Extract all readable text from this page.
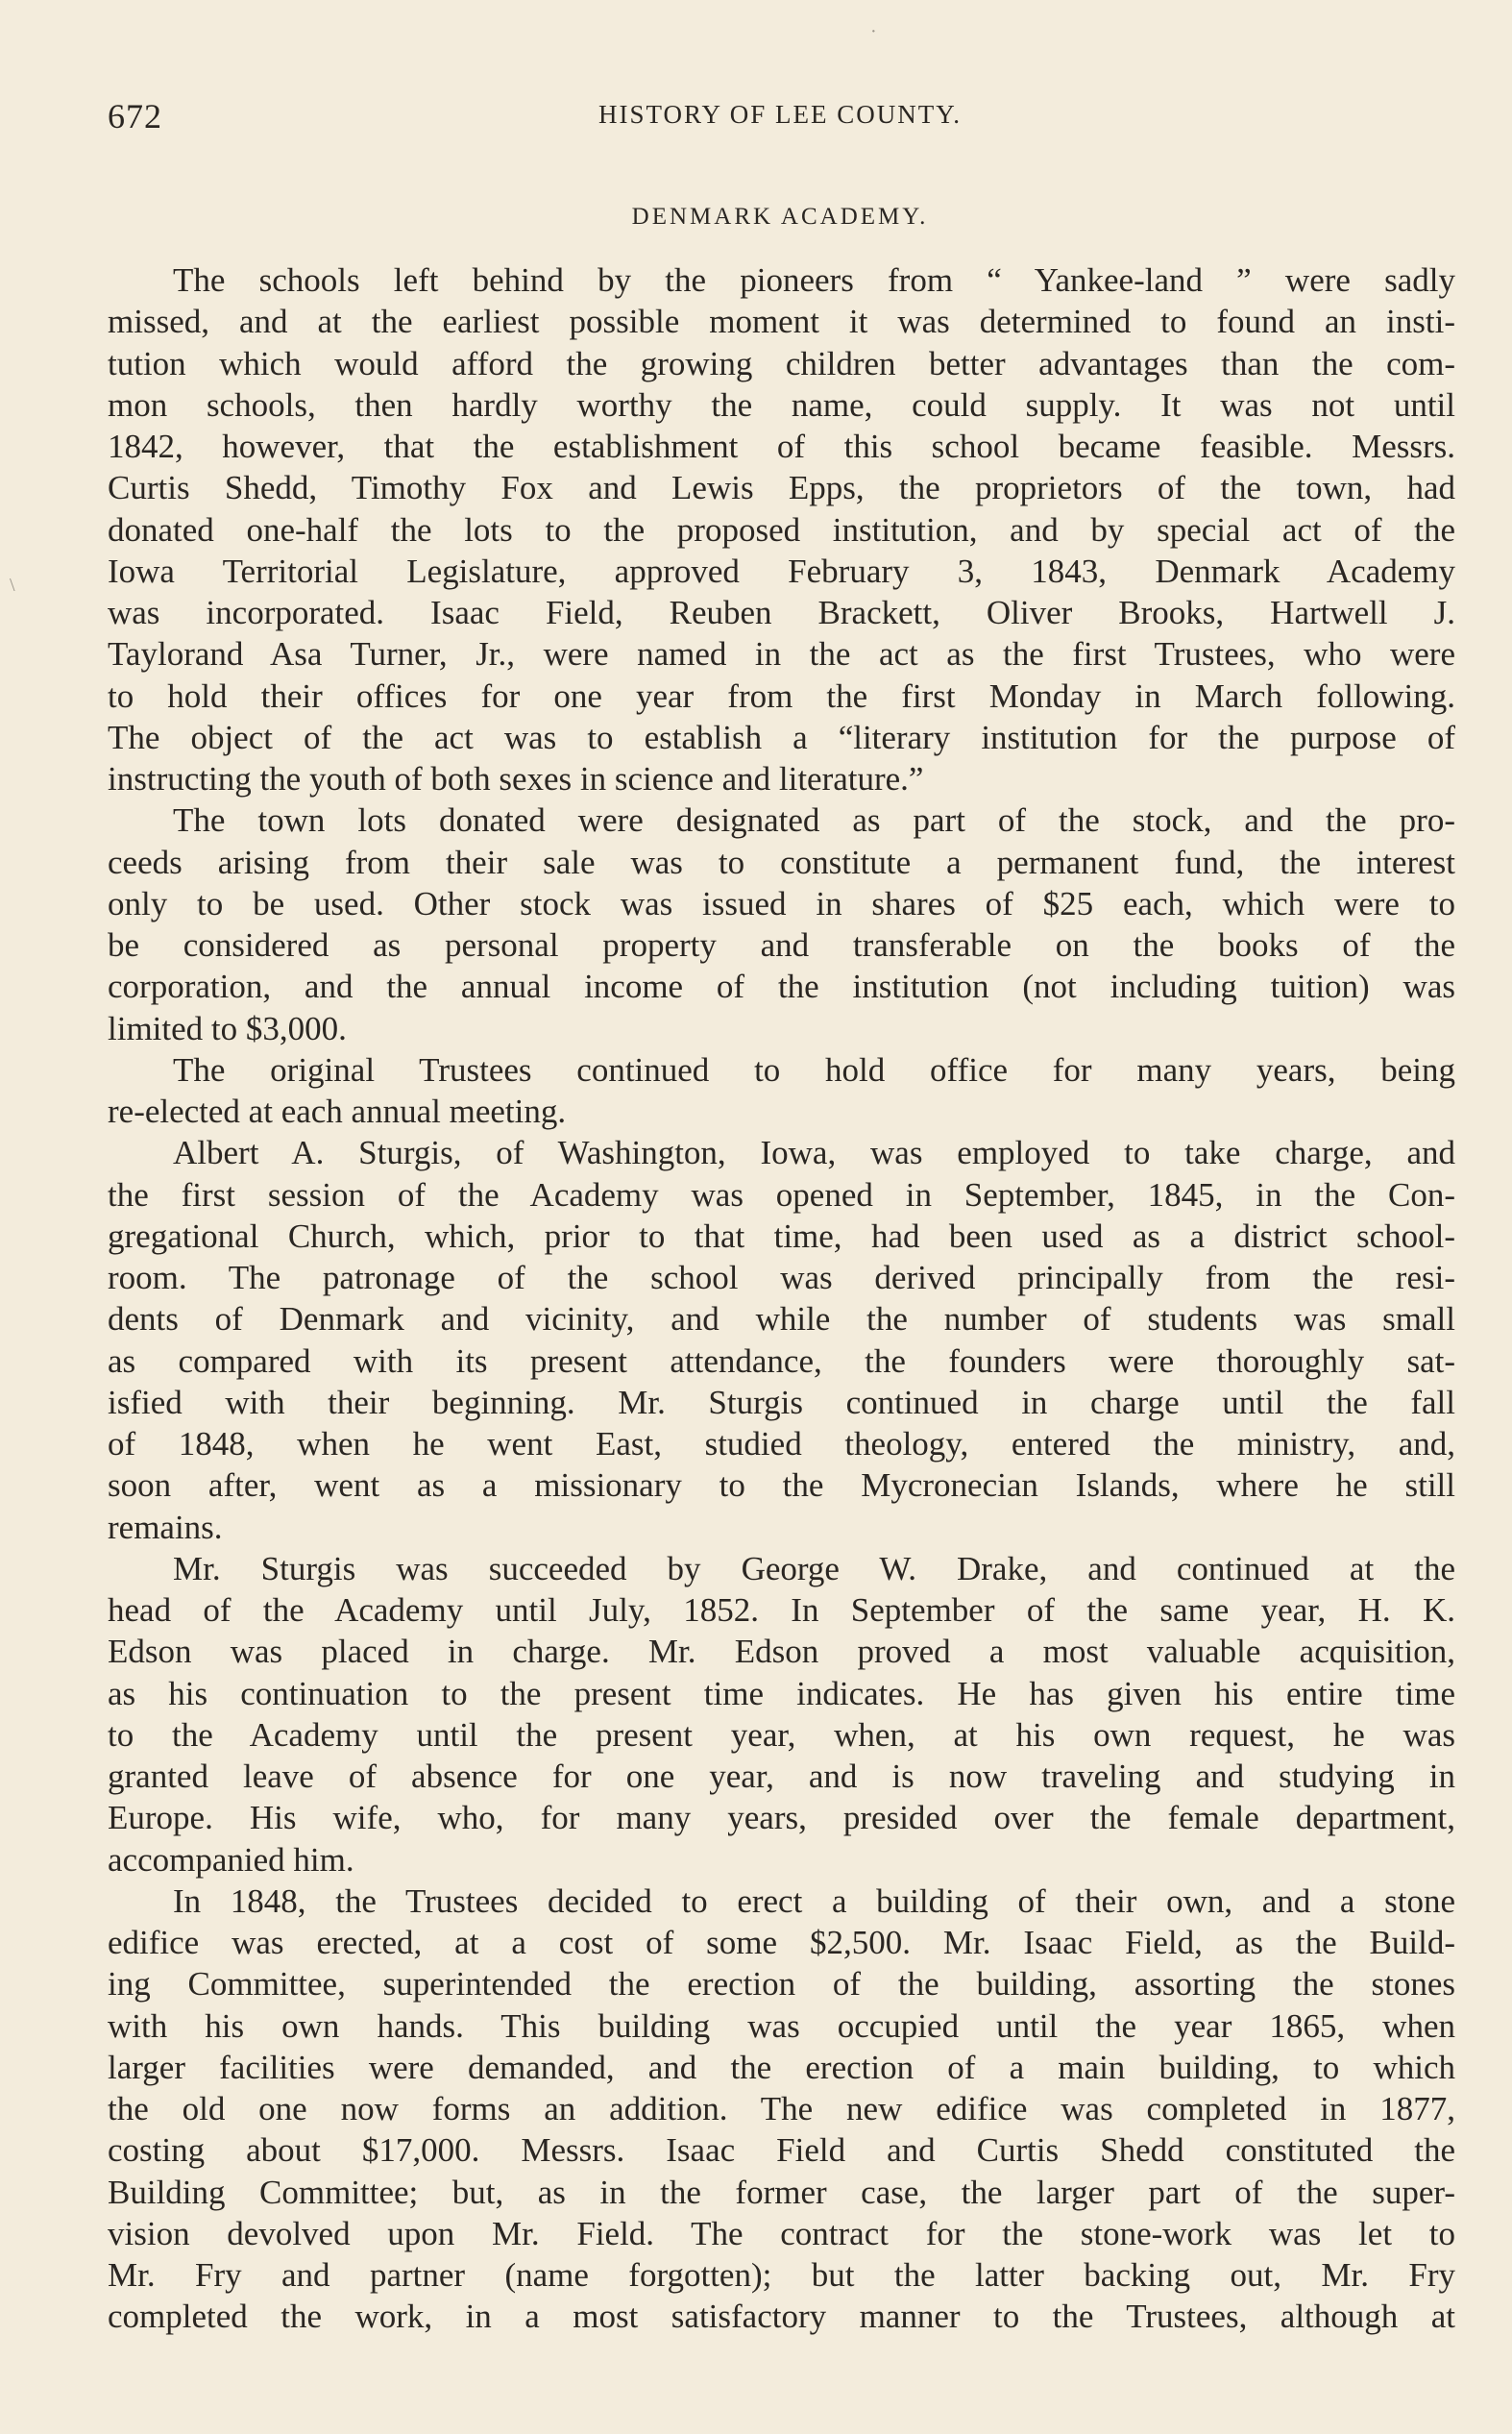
672	HISTORY OF LEE COUNTY.
DENMARK ACADEMY.
The schools left behind by the pioneers from “ Yankee-land ” were sadly
missed, and at the earliest possible moment it was determined to found an insti-
tution which would afford the growing children better advantages than the com-
mon schools, then hardly worthy the name, could supply. It was not until
1842, however, that the establishment of this school became feasible. Messrs.
Curtis Shedd, Timothy Fox and Lewis Epps, the proprietors of the town, had
donated one-half the lots to the proposed institution, and by special act of the
Iowa Territorial Legislature, approved February 3, 1843, Denmark Academy
was incorporated. Isaac Field, Reuben Brackett, Oliver Brooks, Hartwell J.
Taylorand Asa Turner, Jr., were named in the act as the first Trustees, who were
to hold their offices for one year from the first Monday in March following.
The object of the act was to establish a “literary institution for the purpose of
instructing the youth of both sexes in science and literature.”
The town lots donated were designated as part of the stock, and the pro-
ceeds arising from their sale was to constitute a permanent fund, the interest
only to be used. Other stock was issued in shares of $25 each, which were to
be considered as personal property and transferable on the books of the
corporation, and the annual income of the institution (not including tuition) was
limited to $3,000.
The original Trustees continued to hold office for many years, being
re-elected at each annual meeting.
Albert A. Sturgis, of Washington, Iowa, was employed to take charge, and
the first session of the Academy was opened in September, 1845, in the Con-
gregational Church, which, prior to that time, had been used as a district school-
room. The patronage of the school was derived principally from the resi-
dents of Denmark and vicinity, and while the number of students was small
as compared with its present attendance, the founders were thoroughly sat-
isfied with their beginning. Mr. Sturgis continued in charge until the fall
of 1848, when he went East, studied theology, entered the ministry, and,
soon after, went as a missionary to the Mycronecian Islands, where he still
remains.
Mr. Sturgis was succeeded by George W. Drake, and continued at the
head of the Academy until July, 1852. In September of the same year, H. K.
Edson was placed in charge. Mr. Edson proved a most valuable acquisition,
as his continuation to the present time indicates. He has given his entire time
to the Academy until the present year, when, at his own request, he was
granted leave of absence for one year, and is now traveling and studying in
Europe. His wife, who, for many years, presided over the female department,
accompanied him.
In 1848, the Trustees decided to erect a building of their own, and a stone
edifice was erected, at a cost of some $2,500. Mr. Isaac Field, as the Build-
ing Committee, superintended the erection of the building, assorting the stones
with his own hands. This building was occupied until the year 1865, when
larger facilities were demanded, and the erection of a main building, to which
the old one now forms an addition. The new edifice was completed in 1877,
costing about $17,000. Messrs. Isaac Field and Curtis Shedd constituted the
Building Committee; but, as in the former case, the larger part of the super-
vision devolved upon Mr. Field. The contract for the stone-work was let to
Mr. Fry and partner (name forgotten); but the latter backing out, Mr. Fry
completed the work, in a most satisfactory manner to the Trustees, although at
·
\
